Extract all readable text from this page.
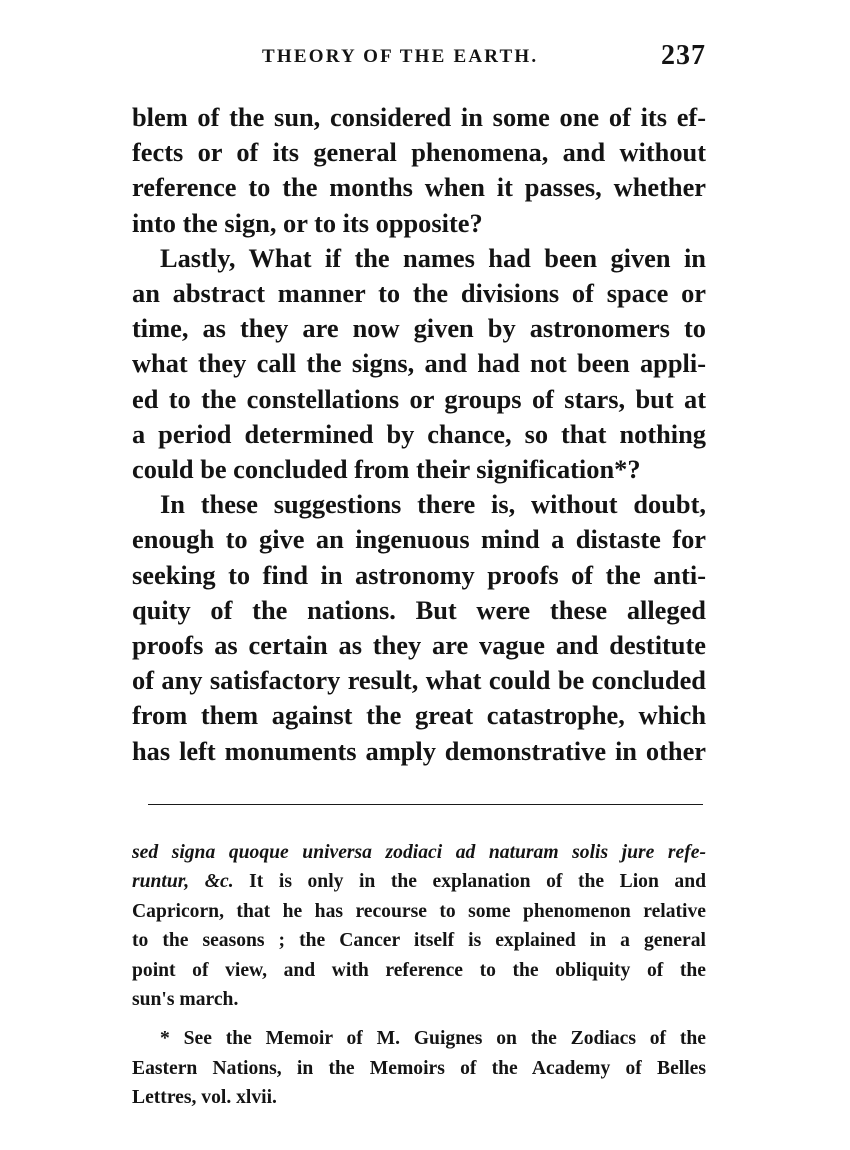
THEORY OF THE EARTH.	237
blem of the sun, considered in some one of its ef-
fects or of its general phenomena, and without
reference to the months when it passes, whether
into the sign, or to its opposite?
Lastly, What if the names had been given in
an abstract manner to the divisions of space or
time, as they are now given by astronomers to
what they call the signs, and had not been appli-
ed to the constellations or groups of stars, but at
a period determined by chance, so that nothing
could be concluded from their signification*?
In these suggestions there is, without doubt,
enough to give an ingenuous mind a distaste for
seeking to find in astronomy proofs of the anti-
quity of the nations. But were these alleged
proofs as certain as they are vague and destitute
of any satisfactory result, what could be concluded
from them against the great catastrophe, which
has left monuments amply demonstrative in other
sed signa quoque universa zodiaci ad naturam solis jure refe-
runtur, &c. It is only in the explanation of the Lion and
Capricorn, that he has recourse to some phenomenon relative
to the seasons ; the Cancer itself is explained in a general
point of view, and with reference to the obliquity of the
sun's march.
* See the Memoir of M. Guignes on the Zodiacs of the
Eastern Nations, in the Memoirs of the Academy of Belles
Lettres, vol. xlvii.
